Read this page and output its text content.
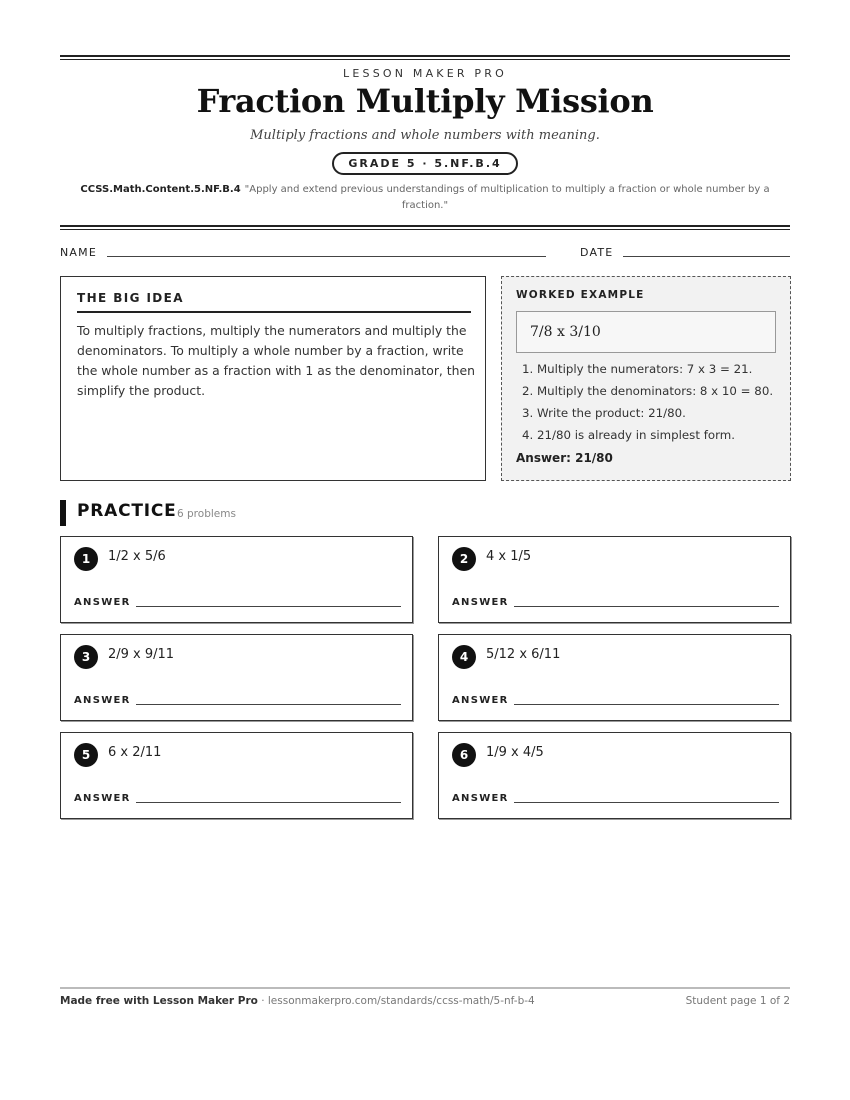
LESSON MAKER PRO
Fraction Multiply Mission
Multiply fractions and whole numbers with meaning.
GRADE 5 · 5.NF.B.4
CCSS.Math.Content.5.NF.B.4 "Apply and extend previous understandings of multiplication to multiply a fraction or whole number by a fraction."
NAME	DATE
THE BIG IDEA
To multiply fractions, multiply the numerators and multiply the denominators. To multiply a whole number by a fraction, write the whole number as a fraction with 1 as the denominator, then simplify the product.
WORKED EXAMPLE
7/8 x 3/10
1. Multiply the numerators: 7 x 3 = 21.
2. Multiply the denominators: 8 x 10 = 80.
3. Write the product: 21/80.
4. 21/80 is already in simplest form.
Answer: 21/80
PRACTICE 6 problems
1	1/2 x 5/6
ANSWER
2	4 x 1/5
ANSWER
3	2/9 x 9/11
ANSWER
4	5/12 x 6/11
ANSWER
5	6 x 2/11
ANSWER
6	1/9 x 4/5
ANSWER
Made free with Lesson Maker Pro · lessonmakerpro.com/standards/ccss-math/5-nf-b-4	Student page 1 of 2
